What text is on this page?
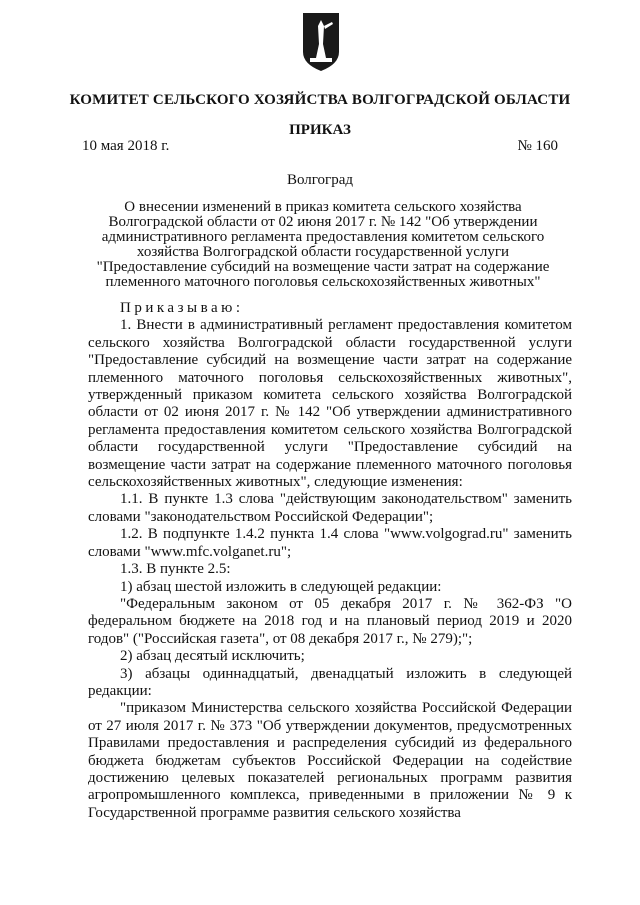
КОМИТЕТ СЕЛЬСКОГО ХОЗЯЙСТВА ВОЛГОГРАДСКОЙ ОБЛАСТИ
ПРИКАЗ
10 мая 2018 г.	№ 160
Волгоград
О внесении изменений в приказ комитета сельского хозяйства Волгоградской области от 02 июня 2017 г. № 142 "Об утверждении административного регламента предоставления комитетом сельского хозяйства Волгоградской области государственной услуги "Предоставление субсидий на возмещение части затрат на содержание племенного маточного поголовья сельскохозяйственных животных"

Приказываю:

1. Внести в административный регламент предоставления комитетом сельского хозяйства Волгоградской области государственной услуги "Предоставление субсидий на возмещение части затрат на содержание племенного маточного поголовья сельскохозяйственных животных", утвержденный приказом комитета сельского хозяйства Волгоградской области от 02 июня 2017 г. № 142 "Об утверждении административного регламента предоставления комитетом сельского хозяйства Волгоградской области государственной услуги "Предоставление субсидий на возмещение части затрат на содержание племенного маточного поголовья сельскохозяйственных животных", следующие изменения:

1.1. В пункте 1.3 слова "действующим законодательством" заменить словами "законодательством Российской Федерации";

1.2. В подпункте 1.4.2 пункта 1.4 слова "www.volgograd.ru" заменить словами "www.mfc.volganet.ru";

1.3. В пункте 2.5:

1) абзац шестой изложить в следующей редакции:

"Федеральным законом от 05 декабря 2017 г. № 362-ФЗ "О федеральном бюджете на 2018 год и на плановый период 2019 и 2020 годов" ("Российская газета", от 08 декабря 2017 г., № 279);";

2) абзац десятый исключить;

3) абзацы одиннадцатый, двенадцатый изложить в следующей редакции:

"приказом Министерства сельского хозяйства Российской Федерации от 27 июля 2017 г. № 373 "Об утверждении документов, предусмотренных Правилами предоставления и распределения субсидий из федерального бюджета бюджетам субъектов Российской Федерации на содействие достижению целевых показателей региональных программ развития агропромышленного комплекса, приведенными в приложении № 9 к Государственной программе развития сельского хозяйства
